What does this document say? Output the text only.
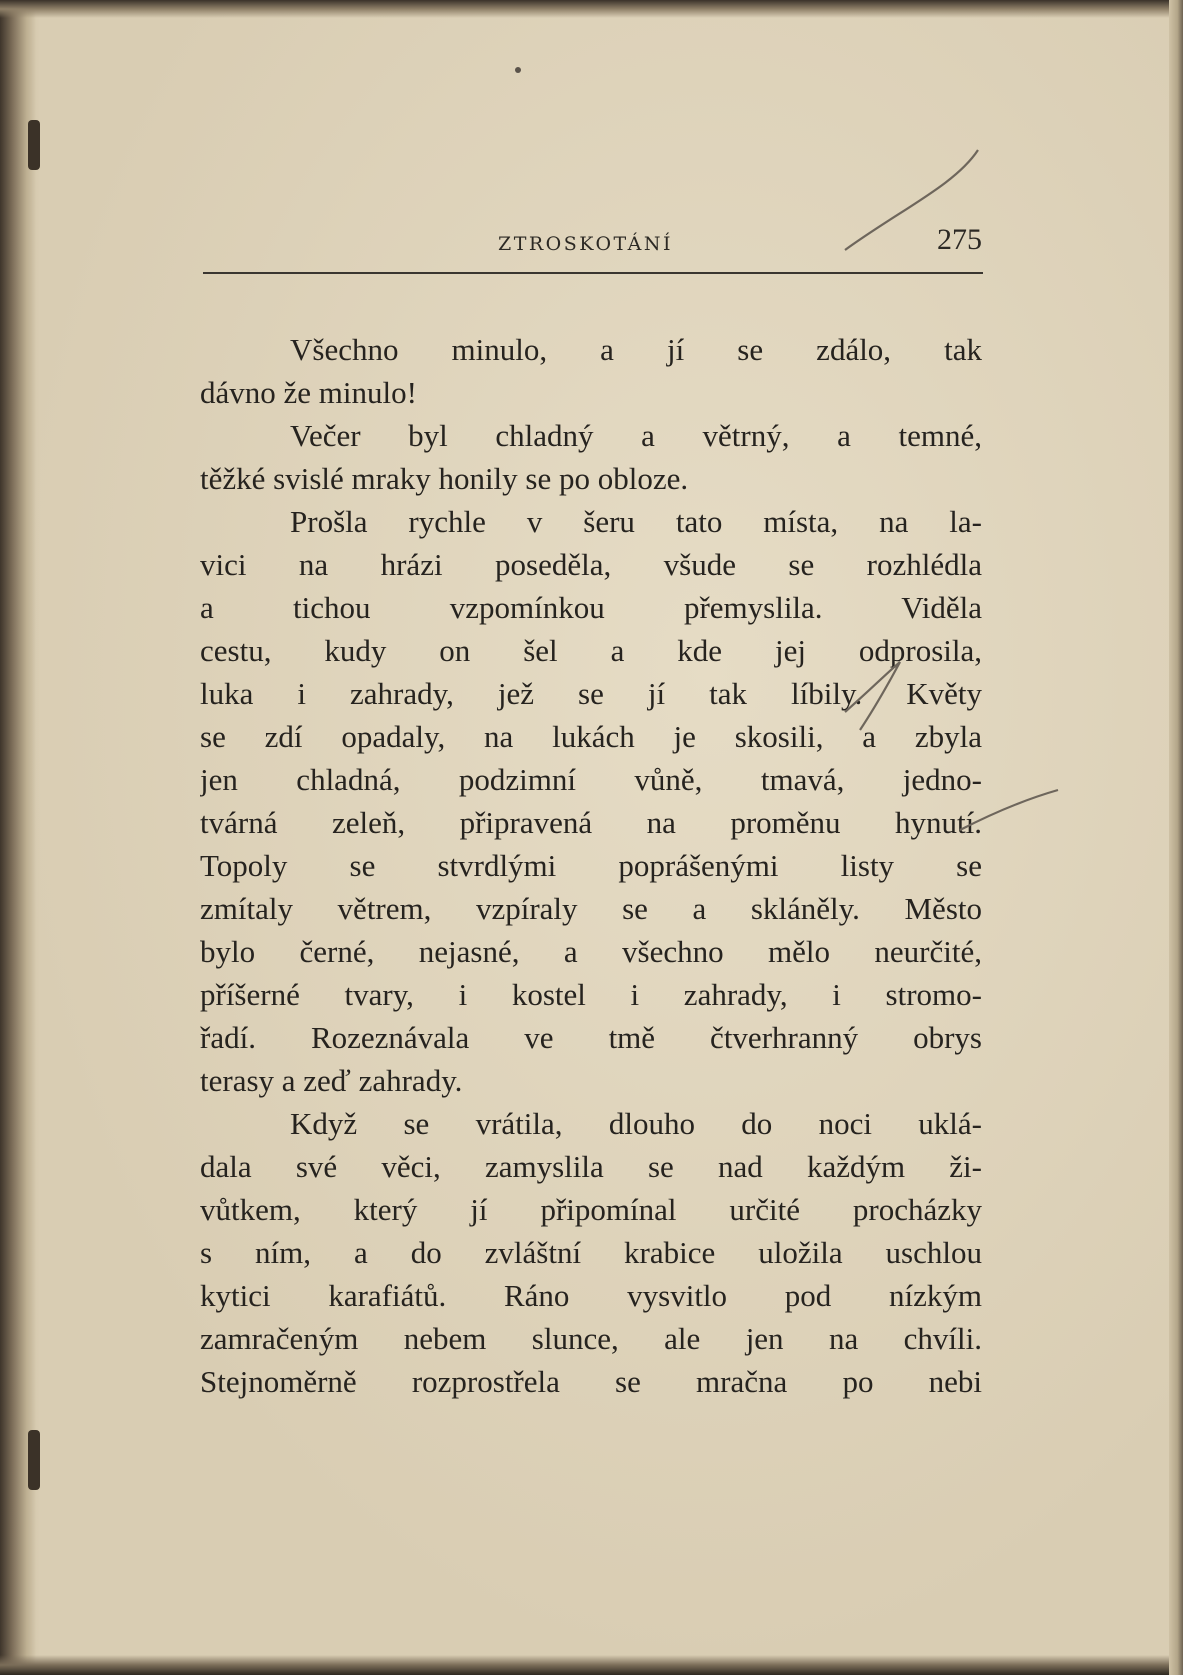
ZTROSKOTÁNÍ	275
Všechno minulo, a jí se zdálo, tak
dávno že minulo!
Večer byl chladný a větrný, a temné,
těžké svislé mraky honily se po obloze.
Prošla rychle v šeru tato místa, na la-
vici na hrázi poseděla, všude se rozhlédla
a tichou vzpomínkou přemyslila. Viděla
cestu, kudy on šel a kde jej odprosila,
luka i zahrady, jež se jí tak líbily. Květy
se zdí opadaly, na lukách je skosili, a zbyla
jen chladná, podzimní vůně, tmavá, jedno-
tvárná zeleň, připravená na proměnu hynutí.
Topoly se stvrdlými poprášenými listy se
zmítaly větrem, vzpíraly se a skláněly. Město
bylo černé, nejasné, a všechno mělo neurčité,
příšerné tvary, i kostel i zahrady, i stromo-
řadí. Rozeznávala ve tmě čtverhranný obrys
terasy a zeď zahrady.
Když se vrátila, dlouho do noci uklá-
dala své věci, zamyslila se nad každým ži-
vůtkem, který jí připomínal určité procházky
s ním, a do zvláštní krabice uložila uschlou
kytici karafiátů. Ráno vysvitlo pod nízkým
zamračeným nebem slunce, ale jen na chvíli.
Stejnoměrně rozprostřela se mračna po nebi
